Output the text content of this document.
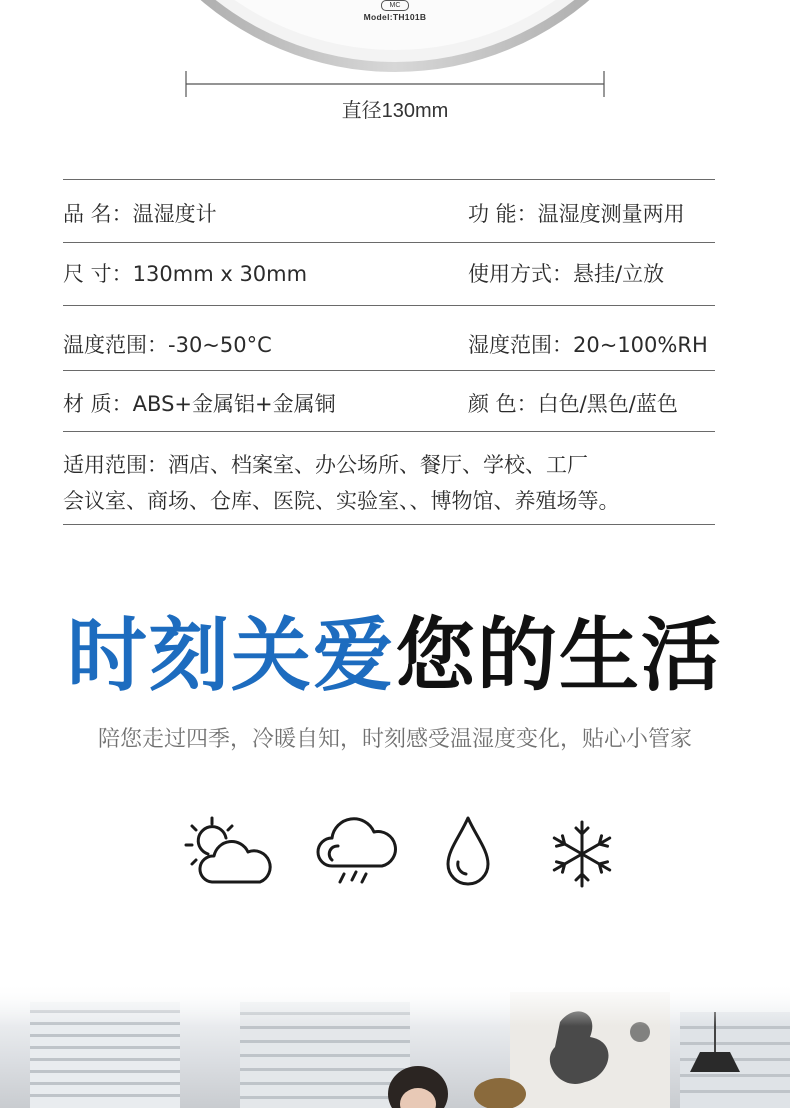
MC
Model:TH101B
直径130mm
品 名：温湿度计	功 能：温湿度测量两用
尺 寸：130mm x 30mm	使用方式：悬挂/立放
温度范围：-30~50°C	湿度范围：20~100%RH
材 质：ABS+金属铝+金属铜	颜 色：白色/黑色/蓝色
适用范围：酒店、档案室、办公场所、餐厅、学校、工厂
会议室、商场、仓库、医院、实验室、、博物馆、养殖场等。
时刻关爱您的生活
陪您走过四季，冷暖自知，时刻感受温湿度变化，贴心小管家
